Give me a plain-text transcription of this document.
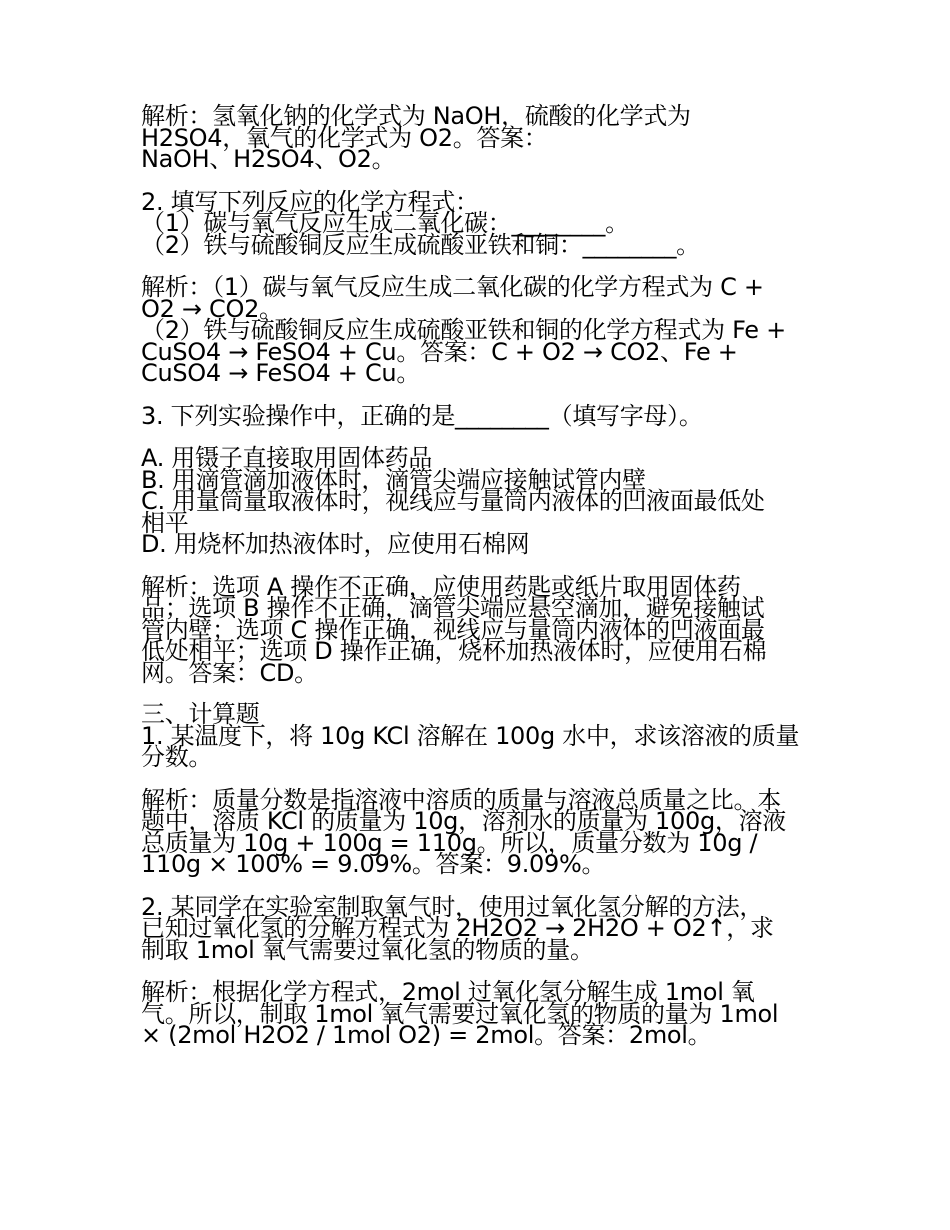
解析：氢氧化钠的化学式为 NaOH，硫酸的化学式为
H2SO4，氧气的化学式为 O2。答案：
NaOH、H2SO4、O2。

2. 填写下列反应的化学方程式：
（1）碳与氧气反应生成二氧化碳：________。
（2）铁与硫酸铜反应生成硫酸亚铁和铜：________。

解析：（1）碳与氧气反应生成二氧化碳的化学方程式为 C +
O2 → CO2。
（2）铁与硫酸铜反应生成硫酸亚铁和铜的化学方程式为 Fe +
CuSO4 → FeSO4 + Cu。答案：C + O2 → CO2、Fe +
CuSO4 → FeSO4 + Cu。

3. 下列实验操作中，正确的是________（填写字母）。

A. 用镊子直接取用固体药品
B. 用滴管滴加液体时，滴管尖端应接触试管内壁
C. 用量筒量取液体时，视线应与量筒内液体的凹液面最低处
相平
D. 用烧杯加热液体时，应使用石棉网

解析：选项 A 操作不正确，应使用药匙或纸片取用固体药
品；选项 B 操作不正确，滴管尖端应悬空滴加，避免接触试
管内壁；选项 C 操作正确，视线应与量筒内液体的凹液面最
低处相平；选项 D 操作正确，烧杯加热液体时，应使用石棉
网。答案：CD。

三、计算题
1. 某温度下，将 10g KCl 溶解在 100g 水中，求该溶液的质量
分数。

解析：质量分数是指溶液中溶质的质量与溶液总质量之比。本
题中，溶质 KCl 的质量为 10g，溶剂水的质量为 100g，溶液
总质量为 10g + 100g = 110g。所以，质量分数为 10g /
110g × 100% = 9.09%。答案：9.09%。

2. 某同学在实验室制取氧气时，使用过氧化氢分解的方法，
已知过氧化氢的分解方程式为 2H2O2 → 2H2O + O2↑，求
制取 1mol 氧气需要过氧化氢的物质的量。

解析：根据化学方程式，2mol 过氧化氢分解生成 1mol 氧
气。所以，制取 1mol 氧气需要过氧化氢的物质的量为 1mol
× (2mol H2O2 / 1mol O2) = 2mol。答案：2mol。
